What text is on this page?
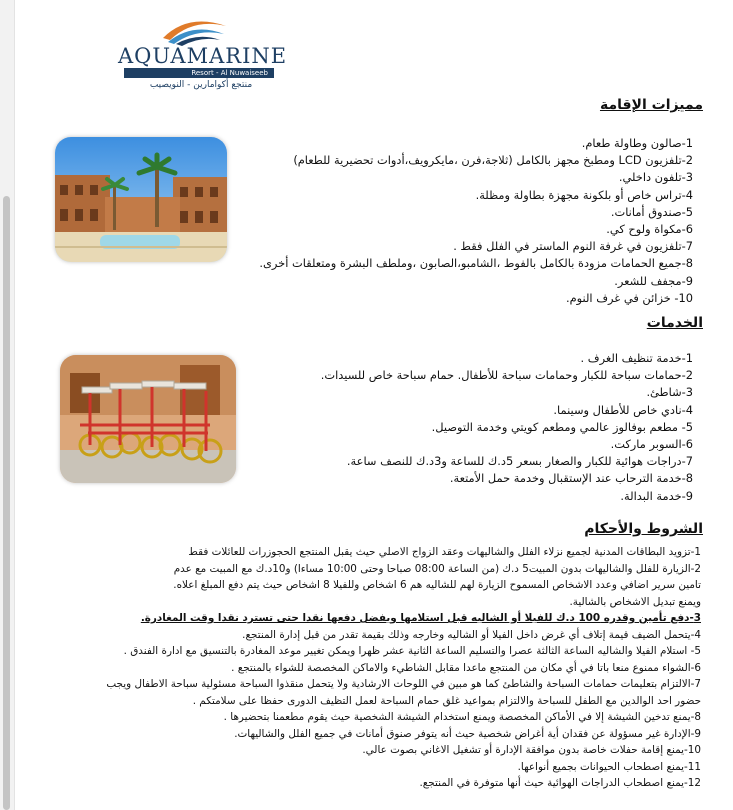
AQUAMARINE
Resort - Al Nuwaiseeb
منتجع أكوامارين - النويصيب
مميزات الإقامة
1-صالون وطاولة طعام.
2-تلفزيون LCD ومطبخ مجهز بالكامل (ثلاجة،فرن ،مايكرويف،أدوات تحضيرية للطعام)
3-تلفون داخلي.
4-تراس خاص أو بلكونة مجهزة بطاولة ومظلة.
5-صندوق أمانات.
6-مكواة ولوح كي.
7-تلفزيون في غرفة النوم الماستر في الفلل فقط .
8-جميع الحمامات مزودة بالكامل بالفوط ،الشامبو،الصابون ،وملطف البشرة ومتعلقات أخرى.
9-مجفف للشعر.
10- خزائن في غرف النوم.
الخدمات
1-خدمة تنظيف الغرف .
2-حمامات سباحة للكبار وحمامات سباحة للأطفال. حمام سباحة خاص للسيدات.
3-شاطئ.
4-نادي خاص للأطفال وسينما.
5- مطعم بوفالوز عالمي ومطعم كويتي وخدمة التوصيل.
6-السوبر ماركت.
7-دراجات هوائية للكبار والصغار بسعر 5د.ك للساعة و3د.ك للنصف ساعة.
8-خدمة الترحاب عند الإستقبال وخدمة حمل الأمتعة.
9-خدمة البدالة.
الشروط والأحكام
1-تزويد البطاقات المدنية لجميع نزلاء الفلل والشاليهات وعقد الزواج الاصلي حيث يقبل المنتجع الحجوزرات للعائلات فقط
2-الزيارة للفلل والشاليهات بدون المبيت5 د.ك (من الساعة 08:00 صباحا وحتى 10:00 مساءا) و10د.ك مع المبيت مع عدم
تامين سرير اضافي وعدد الاشخاص المسموح الزيارة لهم للشاليه هم 6 اشخاص وللفيلا 8 اشخاص حيث يتم دفع المبلغ اعلاه.
ويمنع تبديل الاشخاص بالشالية.
3-دفع تأمين وقدره 100 د.ك للفيلا أو الشاليه قبل استلامها ويفضل دفعها نقدا حتى تسترد نقدا وقت المغادرة.
4-يتحمل الضيف قيمة إتلاف أي غرض داخل الفيلا أو الشاليه وخارجه وذلك بقيمة تقدر من قبل إدارة المنتجع.
5- استلام الفيلا والشاليه الساعة الثالثة عصرا والتسليم الساعة الثانية عشر ظهرا ويمكن تغيير موعد المغادرة بالتنسيق مع ادارة الفندق .
6-الشواء ممنوع منعا باتا في أي مكان من المنتجع ماعدا مقابل الشاطيء والاماكن المخصصة للشواء بالمنتجع .
7-الالتزام بتعليمات حمامات السباحة والشاطئ كما هو مبين في اللوحات الارشادية ولا يتحمل منقذوا السباحة مسئولية سباحة الاطفال ويجب
حضور احد الوالدين مع الطفل للسباحة والالتزام بمواعيد غلق حمام السباحة لعمل التظيف الدورى حفظا على سلامتكم .
8-يمنع تدخين الشيشة إلا في الأماكن المخصصة ويمنع استخدام الشيشة الشخصية حيث يقوم مطعمنا بتحضيرها .
9-الإدارة غير مسؤولة عن فقدان أية أغراض شخصية حيث أنه يتوفر صنوق أمانات في جميع الفلل والشاليهات.
10-يمنع إقامة حفلات خاصة بدون موافقة الإدارة أو تشغيل الاغاني بصوت عالي.
11-يمنع اصطحاب الحيوانات بجميع أنواعها.
12-يمنع اصطحاب الدراجات الهوائية حيث أنها متوفرة في المنتجع.
